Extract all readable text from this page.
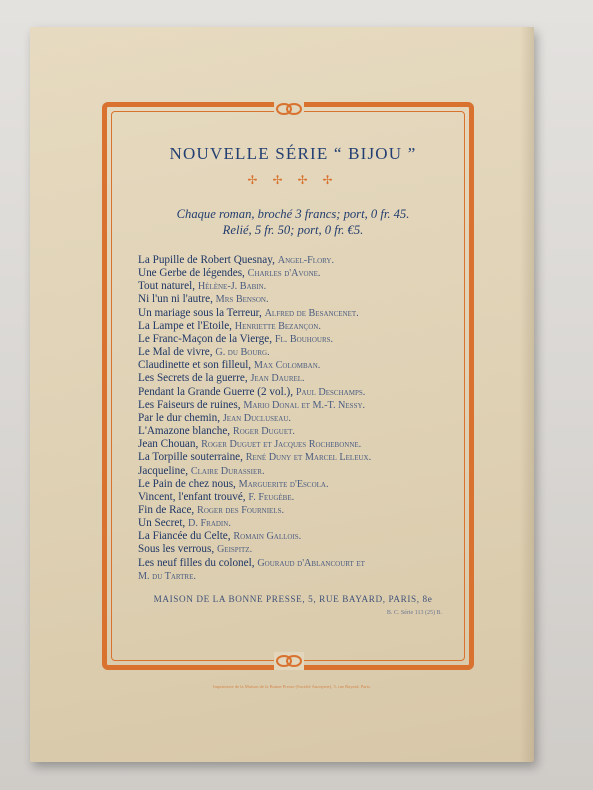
NOUVELLE SÉRIE “ BIJOU ”
✢ ✢ ✢ ✢
Chaque roman, broché 3 francs; port, 0 fr. 45.
Relié, 5 fr. 50; port, 0 fr. €5.
La Pupille de Robert Quesnay, Angel-Flory.
Une Gerbe de légendes, Charles d'Avone.
Tout naturel, Hélène-J. Babin.
Ni l'un ni l'autre, Mrs Benson.
Un mariage sous la Terreur, Alfred de Besancenet.
La Lampe et l'Etoile, Henriette Bezançon.
Le Franc-Maçon de la Vierge, Fl. Bouhours.
Le Mal de vivre, G. du Bourg.
Claudinette et son filleul, Max Colomban.
Les Secrets de la guerre, Jean Daurel.
Pendant la Grande Guerre (2 vol.), Paul Deschamps.
Les Faiseurs de ruines, Mario Donal et M.-T. Nessy.
Par le dur chemin, Jean Ducluseau.
L'Amazone blanche, Roger Duguet.
Jean Chouan, Roger Duguet et Jacques Rochebonne.
La Torpille souterraine, René Duny et Marcel Leleux.
Jacqueline, Claire Durassier.
Le Pain de chez nous, Marguerite d'Escola.
Vincent, l'enfant trouvé, F. Feugèbe.
Fin de Race, Roger des Fourniels.
Un Secret, D. Fradin.
La Fiancée du Celte, Romain Gallois.
Sous les verrous, Geispitz.
Les neuf filles du colonel, Gouraud d'Ablancourt et
M. du Tartre.
MAISON DE LA BONNE PRESSE, 5, RUE BAYARD, PARIS, 8e
B. C. Série 113 (25) B.
Imprimerie de la Maison de la Bonne Presse (Société Anonyme), 5, rue Bayard, Paris.
